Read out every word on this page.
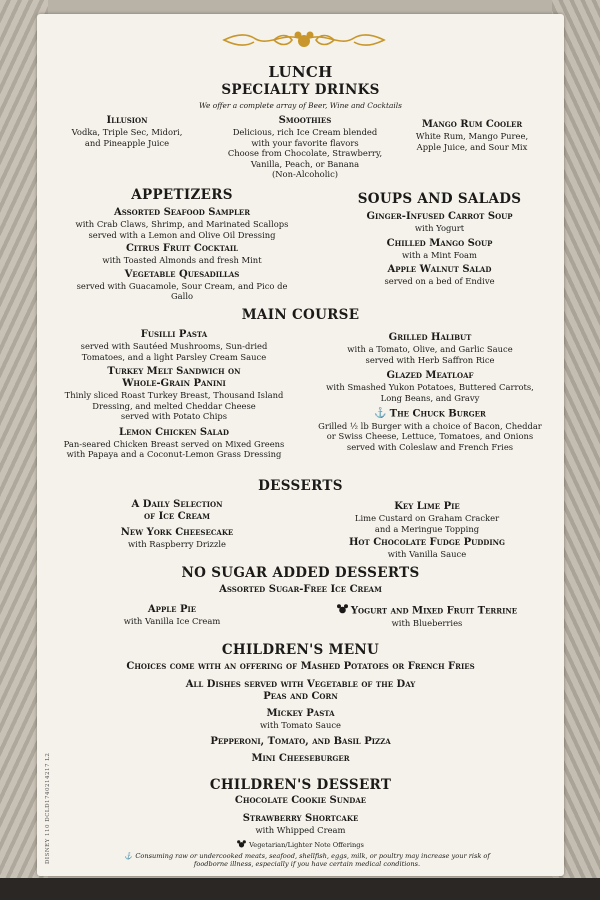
LUNCH
SPECIALTY DRINKS
We offer a complete array of Beer, Wine and Cocktails
Illusion
Vodka, Triple Sec, Midori,
and Pineapple Juice
Smoothies
Delicious, rich Ice Cream blended
with your favorite flavors
Choose from Chocolate, Strawberry,
Vanilla, Peach, or Banana
(Non-Alcoholic)
Mango Rum Cooler
White Rum, Mango Puree,
Apple Juice, and Sour Mix
APPETIZERS
Assorted Seafood Sampler
with Crab Claws, Shrimp, and Marinated Scallops
served with a Lemon and Olive Oil Dressing
Citrus Fruit Cocktail
with Toasted Almonds and fresh Mint
Vegetable Quesadillas
served with Guacamole, Sour Cream, and Pico de Gallo
SOUPS AND SALADS
Ginger-Infused Carrot Soup
with Yogurt
Chilled Mango Soup
with a Mint Foam
Apple Walnut Salad
served on a bed of Endive
MAIN COURSE
Fusilli Pasta
served with Sautéed Mushrooms, Sun-dried
Tomatoes, and a light Parsley Cream Sauce
Turkey Melt Sandwich on
Whole-Grain Panini
Thinly sliced Roast Turkey Breast, Thousand Island
Dressing, and melted Cheddar Cheese
served with Potato Chips
Lemon Chicken Salad
Pan-seared Chicken Breast served on Mixed Greens
with Papaya and a Coconut-Lemon Grass Dressing
Grilled Halibut
with a Tomato, Olive, and Garlic Sauce
served with Herb Saffron Rice
Glazed Meatloaf
with Smashed Yukon Potatoes, Buttered Carrots,
Long Beans, and Gravy
⚓ The Chuck Burger
Grilled ½ lb Burger with a choice of Bacon, Cheddar
or Swiss Cheese, Lettuce, Tomatoes, and Onions
served with Coleslaw and French Fries
DESSERTS
A Daily Selection
of Ice Cream
New York Cheesecake
with Raspberry Drizzle
Key Lime Pie
Lime Custard on Graham Cracker
and a Meringue Topping
Hot Chocolate Fudge Pudding
with Vanilla Sauce
NO SUGAR ADDED DESSERTS
Assorted Sugar-Free Ice Cream
Apple Pie
with Vanilla Ice Cream
Yogurt and Mixed Fruit Terrine
with Blueberries
CHILDREN'S MENU
Choices come with an offering of Mashed Potatoes or French Fries
All Dishes served with Vegetable of the Day
Peas and Corn
Mickey Pasta
with Tomato Sauce
Pepperoni, Tomato, and Basil Pizza
Mini Cheeseburger
CHILDREN'S DESSERT
Chocolate Cookie Sundae
Strawberry Shortcake
with Whipped Cream
Vegetarian/Lighter Note Offerings
⚓ Consuming raw or undercooked meats, seafood, shellfish, eggs, milk, or poultry may increase your risk of
foodborne illness, especially if you have certain medical conditions.
DISNEY 110 DCLD1740214217 L2
